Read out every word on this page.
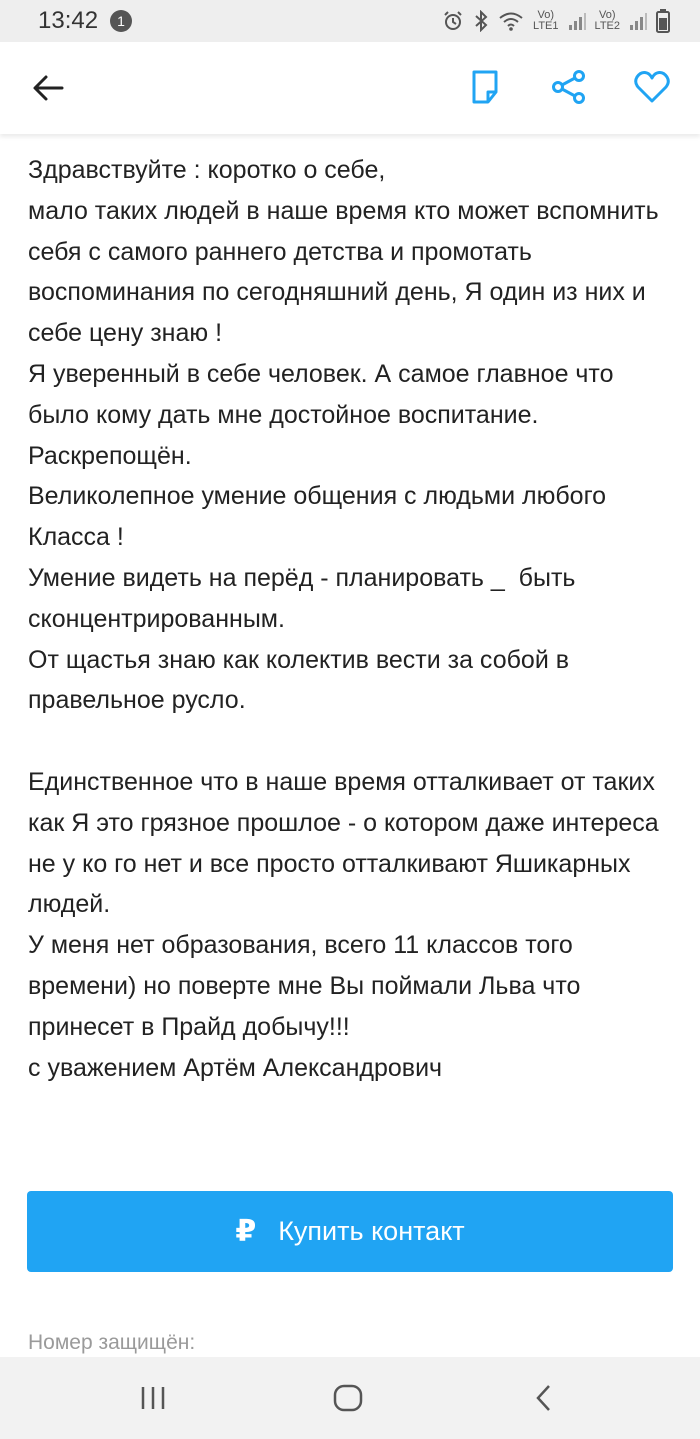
13:42	1	Vo)
LTE1
Vo)
LTE2
Здравствуйте : коротко о себе,
мало таких людей в наше время кто может вспомнить себя с самого раннего детства и промотать воспоминания по сегодняшний день, Я один из них и себе цену знаю !
Я уверенный в себе человек. А самое главное что было кому дать мне достойное воспитание.
Раскрепощён.
Великолепное умение общения с людьми любого Класса !
Умение видеть на перёд - планировать _  быть сконцентрированным.
От щастья знаю как колектив вести за собой в правельное русло.

Единственное что в наше время отталкивает от таких как Я это грязное прошлое - о котором даже интереса не у ко го нет и все просто отталкивают Яшикарных людей.
У меня нет образования, всего 11 классов того времени) но поверте мне Вы поймали Льва что принесет в Прайд добычу!!!
с уважением Артём Александрович
₽ Купить контакт
Номер защищён:
